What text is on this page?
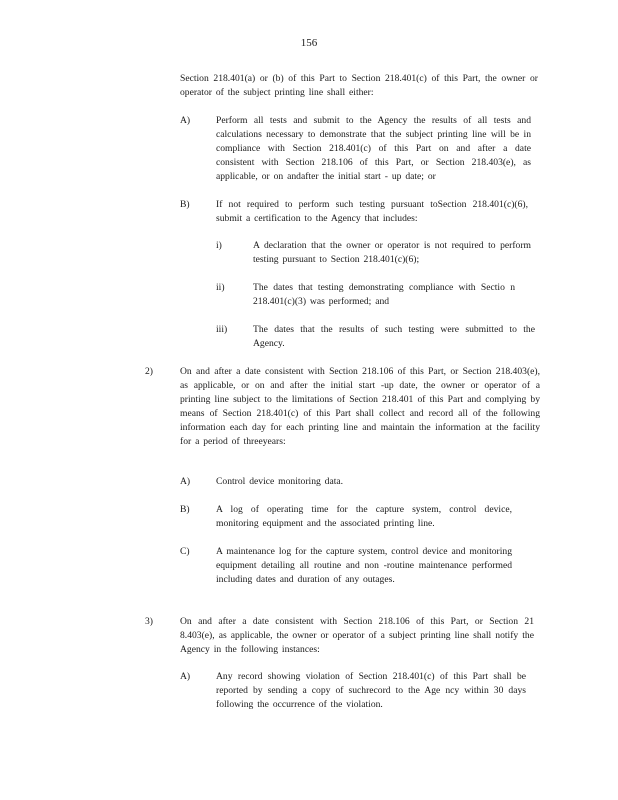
156
Section 218.401(a) or (b) of this Part to Section 218.401(c) of this Part, the owner or operator of the subject printing line shall either:
A)	Perform all tests and submit to the Agency the results of all tests and calculations necessary to demonstrate that the subject printing line will be in compliance with Section 218.401(c) of this Part on and after a date consistent with Section 218.106 of this Part, or Section 218.403(e), as applicable, or on andafter the initial start - up date; or
B)	If not required to perform such testing pursuant toSection 218.401(c)(6), submit a certification to the Agency that includes:
i)	A declaration that the owner or operator is not required to perform testing pursuant to Section 218.401(c)(6);
ii)	The dates that testing demonstrating compliance with Sectio n 218.401(c)(3) was performed; and
iii)	The dates that the results of such testing were submitted to the Agency.
2)	On and after a date consistent with Section 218.106 of this Part, or Section 218.403(e), as applicable, or on and after the initial start -up date, the owner or operator of a printing line subject to the limitations of Section 218.401 of this Part and complying by means of Section 218.401(c) of this Part shall collect and record all of the following information each day for each printing line and maintain the information at the facility for a period of threeyears:
A)	Control device monitoring data.
B)	A log of operating time for the capture system, control device, monitoring equipment and the associated printing line.
C)	A maintenance log for the capture system, control device and monitoring equipment detailing all routine and non -routine maintenance performed including dates and duration of any outages.
3)	On and after a date consistent with Section 218.106 of this Part, or Section 21 8.403(e), as applicable, the owner or operator of a subject printing line shall notify the Agency in the following instances:
A)	Any record showing violation of Section 218.401(c) of this Part shall be reported by sending a copy of suchrecord to the Age ncy within 30 days following the occurrence of the violation.
